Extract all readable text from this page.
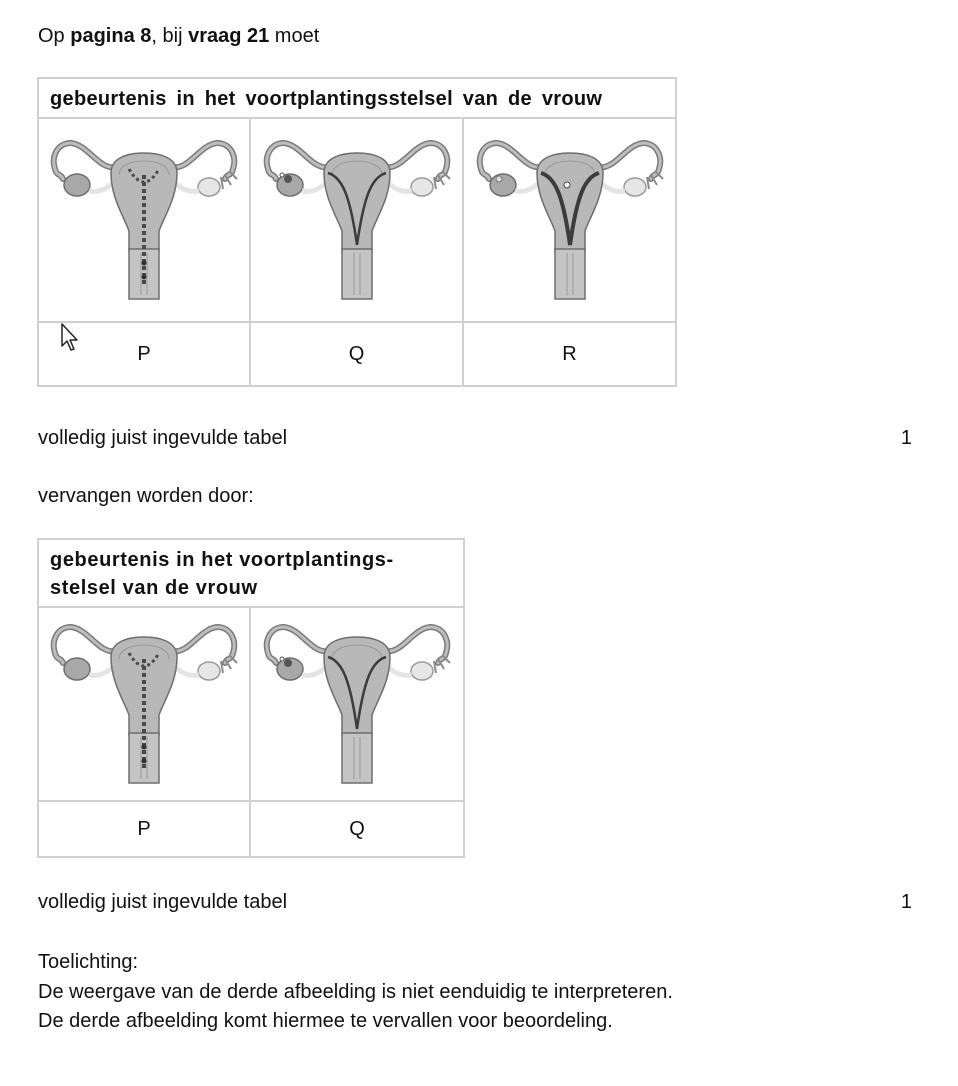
Op pagina 8, bij vraag 21 moet
gebeurtenis in het voortplantingsstelsel van de vrouw		

P	Q	R
volledig juist ingevulde tabel	1
vervangen worden door:
gebeurtenis in het voortplantings-
stelsel van de vrouw	

P	Q
volledig juist ingevulde tabel	1
Toelichting:
De weergave van de derde afbeelding is niet eenduidig te interpreteren.
De derde afbeelding komt hiermee te vervallen voor beoordeling.
